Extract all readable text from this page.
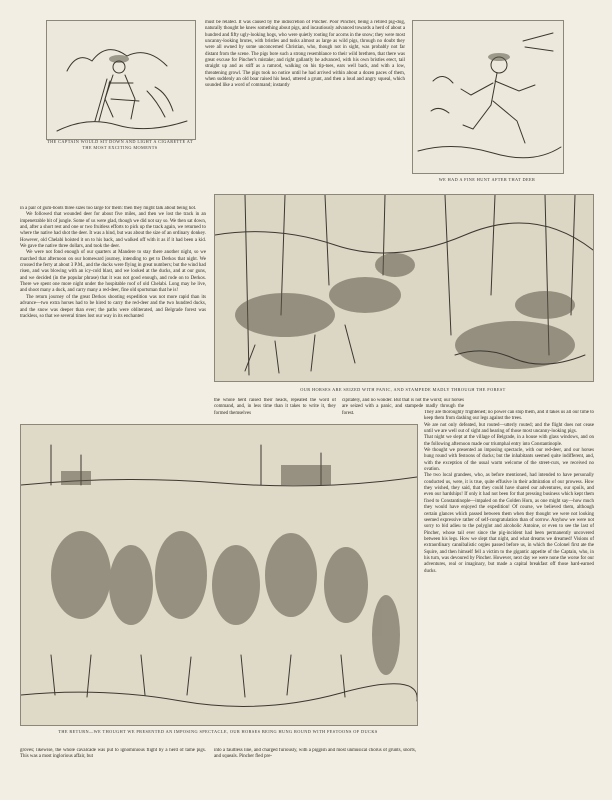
THE CAPTAIN WOULD SIT DOWN AND LIGHT A CIGARETTE AT THE MOST EXCITING MOMENTS

must be related. It was caused by the indiscretion of Pincher. Poor Pincher, being a retired pig-dog, naturally thought he knew something about pigs, and incautiously advanced towards a herd of about a hundred and fifty ugly-looking hogs, who were quietly rooting for acorns in the snow; they were most uncanny-looking brutes, with bristles and tusks almost as large as wild pigs, through no doubt they were all owned by some unconcerned Christian, who, though not in sight, was probably not far distant from the scene. The pigs bore such a strong resemblance to their wild brethren, that there was great excuse for Pincher's mistake; and right gallantly he advanced, with his own bristles erect, tail straight up and as stiff as a ramrod, walking on his tip-toes, ears well back, and with a low, threatening growl. The pigs took no notice until he had arrived within about a dozen paces of them, when suddenly an old boar raised his head, uttered a grunt, and then a loud and angry squeal, which sounded like a word of command; instantly

WE HAD A FINE HUNT AFTER THAT DEER

in a pair of gum-boots three sizes too large for them: then they might talk about being hot.

We followed that wounded deer for about five miles, and then we lost the track in an impenetrable bit of jungle. Some of us were glad, though we did not say so. We then sat down, and, after a short rest and one or two fruitless efforts to pick up the track again, we returned to where the native had shot the deer. It was a hind, but was about the size of an ordinary donkey. However, old Chelabi hoisted it on to his back, and walked off with it as if it had been a kid. We gave the native three dollars, and took the deer.

We were not fond enough of our quarters at Mandere to stay there another night, so we marched that afternoon on our homeward journey, intending to get to Derkos that night. We crossed the ferry at about 3 P.M., and the ducks were flying in great numbers; but the wind had risen, and was blowing with an icy-cold blast, and we looked at the ducks, and at our guns, and we decided (in the popular phrase) that it was not good enough, and rode on to Derkos. There we spent one more night under the hospitable roof of old Chelabi. Long may he live, and shoot many a duck, and carry many a red-deer, fine old sportsman that he is!

The return journey of the great Derkos shooting expedition was not more rapid than its advance—two extra horses had to be hired to carry the red-deer and the two hundred ducks, and the snow was deeper than ever; the paths were obliterated, and Belgrade forest was trackless, so that we several times lost our way in its enchanted

OUR HORSES ARE SEIZED WITH PANIC, AND STAMPEDE MADLY THROUGH THE FOREST

the whole herd raised their heads, repeated the word of command, and, in less time than it takes to write it, they formed themselves

cipitately, and no wonder. But that is not the worst; our horses are seized with a panic, and stampede madly through the forest.	They are thoroughly frightened; no power can stop them, and it takes us all our time to keep them from dashing our legs against the trees.
We are not only defeated, but routed—utterly routed; and the flight does not cease until we are well out of sight and hearing of those most uncanny-looking pigs.
That night we slept at the village of Belgrade, in a house with glass windows, and on the following afternoon made our triumphal entry into Constantinople.
We thought we presented an imposing spectacle, with our red-deer, and our horses hung round with festoons of ducks; but the inhabitants seemed quite indifferent, and, with the exception of the usual warm welcome of the street-curs, we received no ovation.
The two local grandees, who, as before mentioned, had intended to have personally conducted us, were, it is true, quite effusive in their admiration of our prowess. How they wished, they said, that they could have shared our adventures, our spoils, and even our hardships! If only it had not been for that pressing business which kept them fixed to Constantinople—impaled on the Golden Horn, as one might say—how much they would have enjoyed the expedition! Of course, we believed them, although certain glances which passed between them when they thought we were not looking seemed expressive rather of self-congratulation than of sorrow. Anyhow we were not sorry to bid adieu to the polyglot and alcoholic Antoine, or even to see the last of Pincher, whose tail ever since the pig-incident had been permanently uncovered between his legs. How we slept that night, and what dreams we dreamed! Visions of extraordinary cannibalistic orgies passed before us, in which the Colonel first ate the Squire, and then himself fell a victim to the gigantic appetite of the Captain, who, in his turn, was devoured by Pincher. However, next day we were none the worse for our adventures, real or imaginary, but made a capital breakfast off those hard-earned ducks.

THE RETURN—WE THOUGHT WE PRESENTED AN IMPOSING SPECTACLE, OUR HORSES BEING HUNG ROUND WITH FESTOONS OF DUCKS

groves; likewise, the whole cavalcade was put to ignominious flight by a herd of tame pigs. This was a most inglorious affair, but

into a faultless line, and charged furiously, with a piggish and most unmusical chorus of grunts, snorts, and squeals. Pincher fled pre-
